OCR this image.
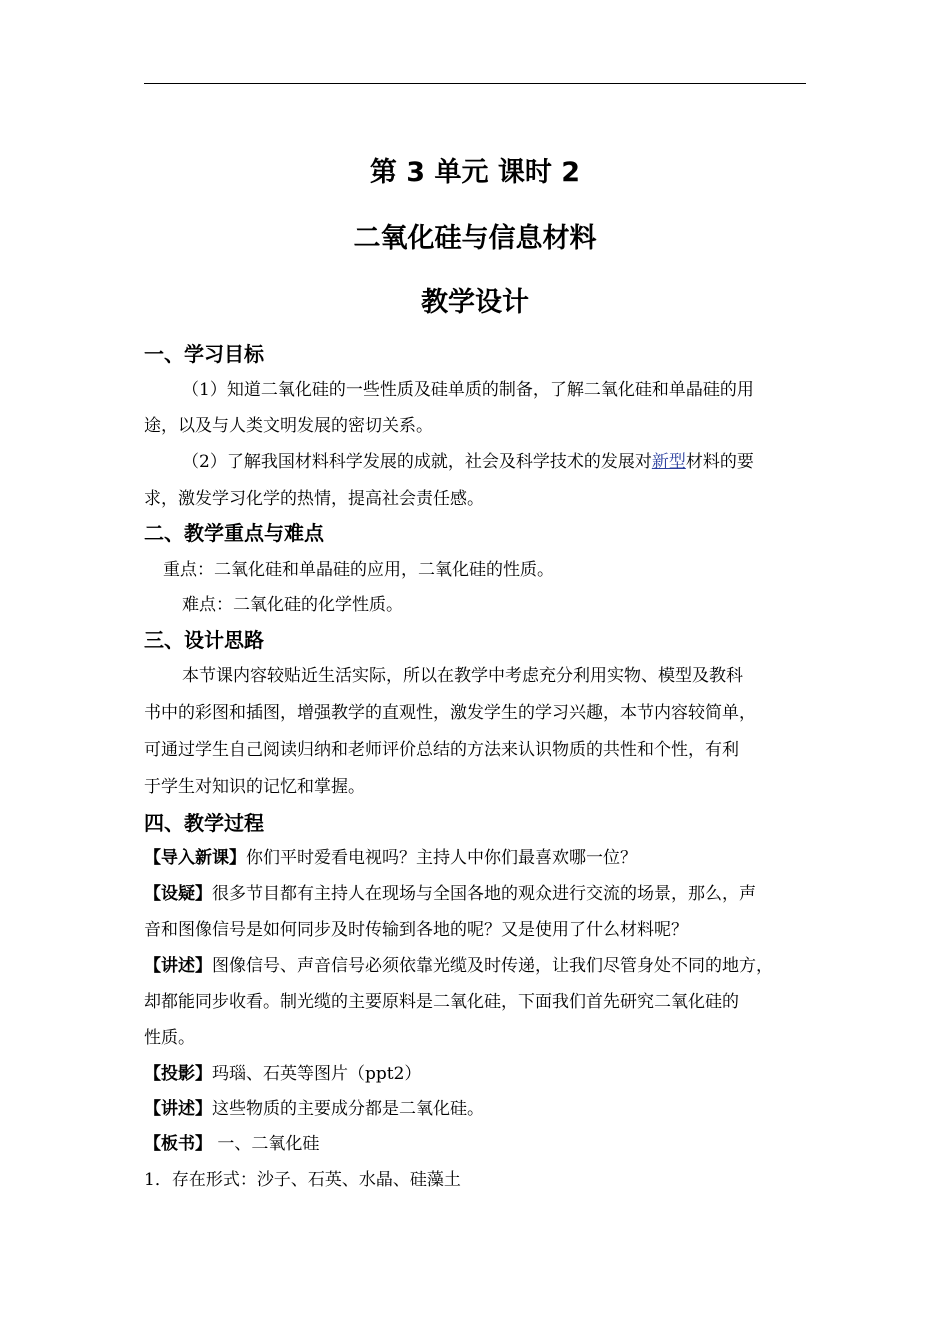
第 3 单元 课时 2
二氧化硅与信息材料
教学设计
一、学习目标
（1）知道二氧化硅的一些性质及硅单质的制备，了解二氧化硅和单晶硅的用
途，以及与人类文明发展的密切关系。
（2）了解我国材料科学发展的成就，社会及科学技术的发展对新型材料的要
求，激发学习化学的热情，提高社会责任感。
二、教学重点与难点
重点：二氧化硅和单晶硅的应用，二氧化硅的性质。
难点：二氧化硅的化学性质。
三、设计思路
本节课内容较贴近生活实际，所以在教学中考虑充分利用实物、模型及教科
书中的彩图和插图，增强教学的直观性，激发学生的学习兴趣，本节内容较简单，
可通过学生自己阅读归纳和老师评价总结的方法来认识物质的共性和个性，有利
于学生对知识的记忆和掌握。
四、教学过程
【导入新课】你们平时爱看电视吗？主持人中你们最喜欢哪一位？
【设疑】很多节目都有主持人在现场与全国各地的观众进行交流的场景，那么，声
音和图像信号是如何同步及时传输到各地的呢？又是使用了什么材料呢？
【讲述】图像信号、声音信号必须依靠光缆及时传递，让我们尽管身处不同的地方，
却都能同步收看。制光缆的主要原料是二氧化硅，下面我们首先研究二氧化硅的
性质。
【投影】玛瑙、石英等图片（ppt2）
【讲述】这些物质的主要成分都是二氧化硅。
【板书】 一、二氧化硅
1．存在形式：沙子、石英、水晶、硅藻土
